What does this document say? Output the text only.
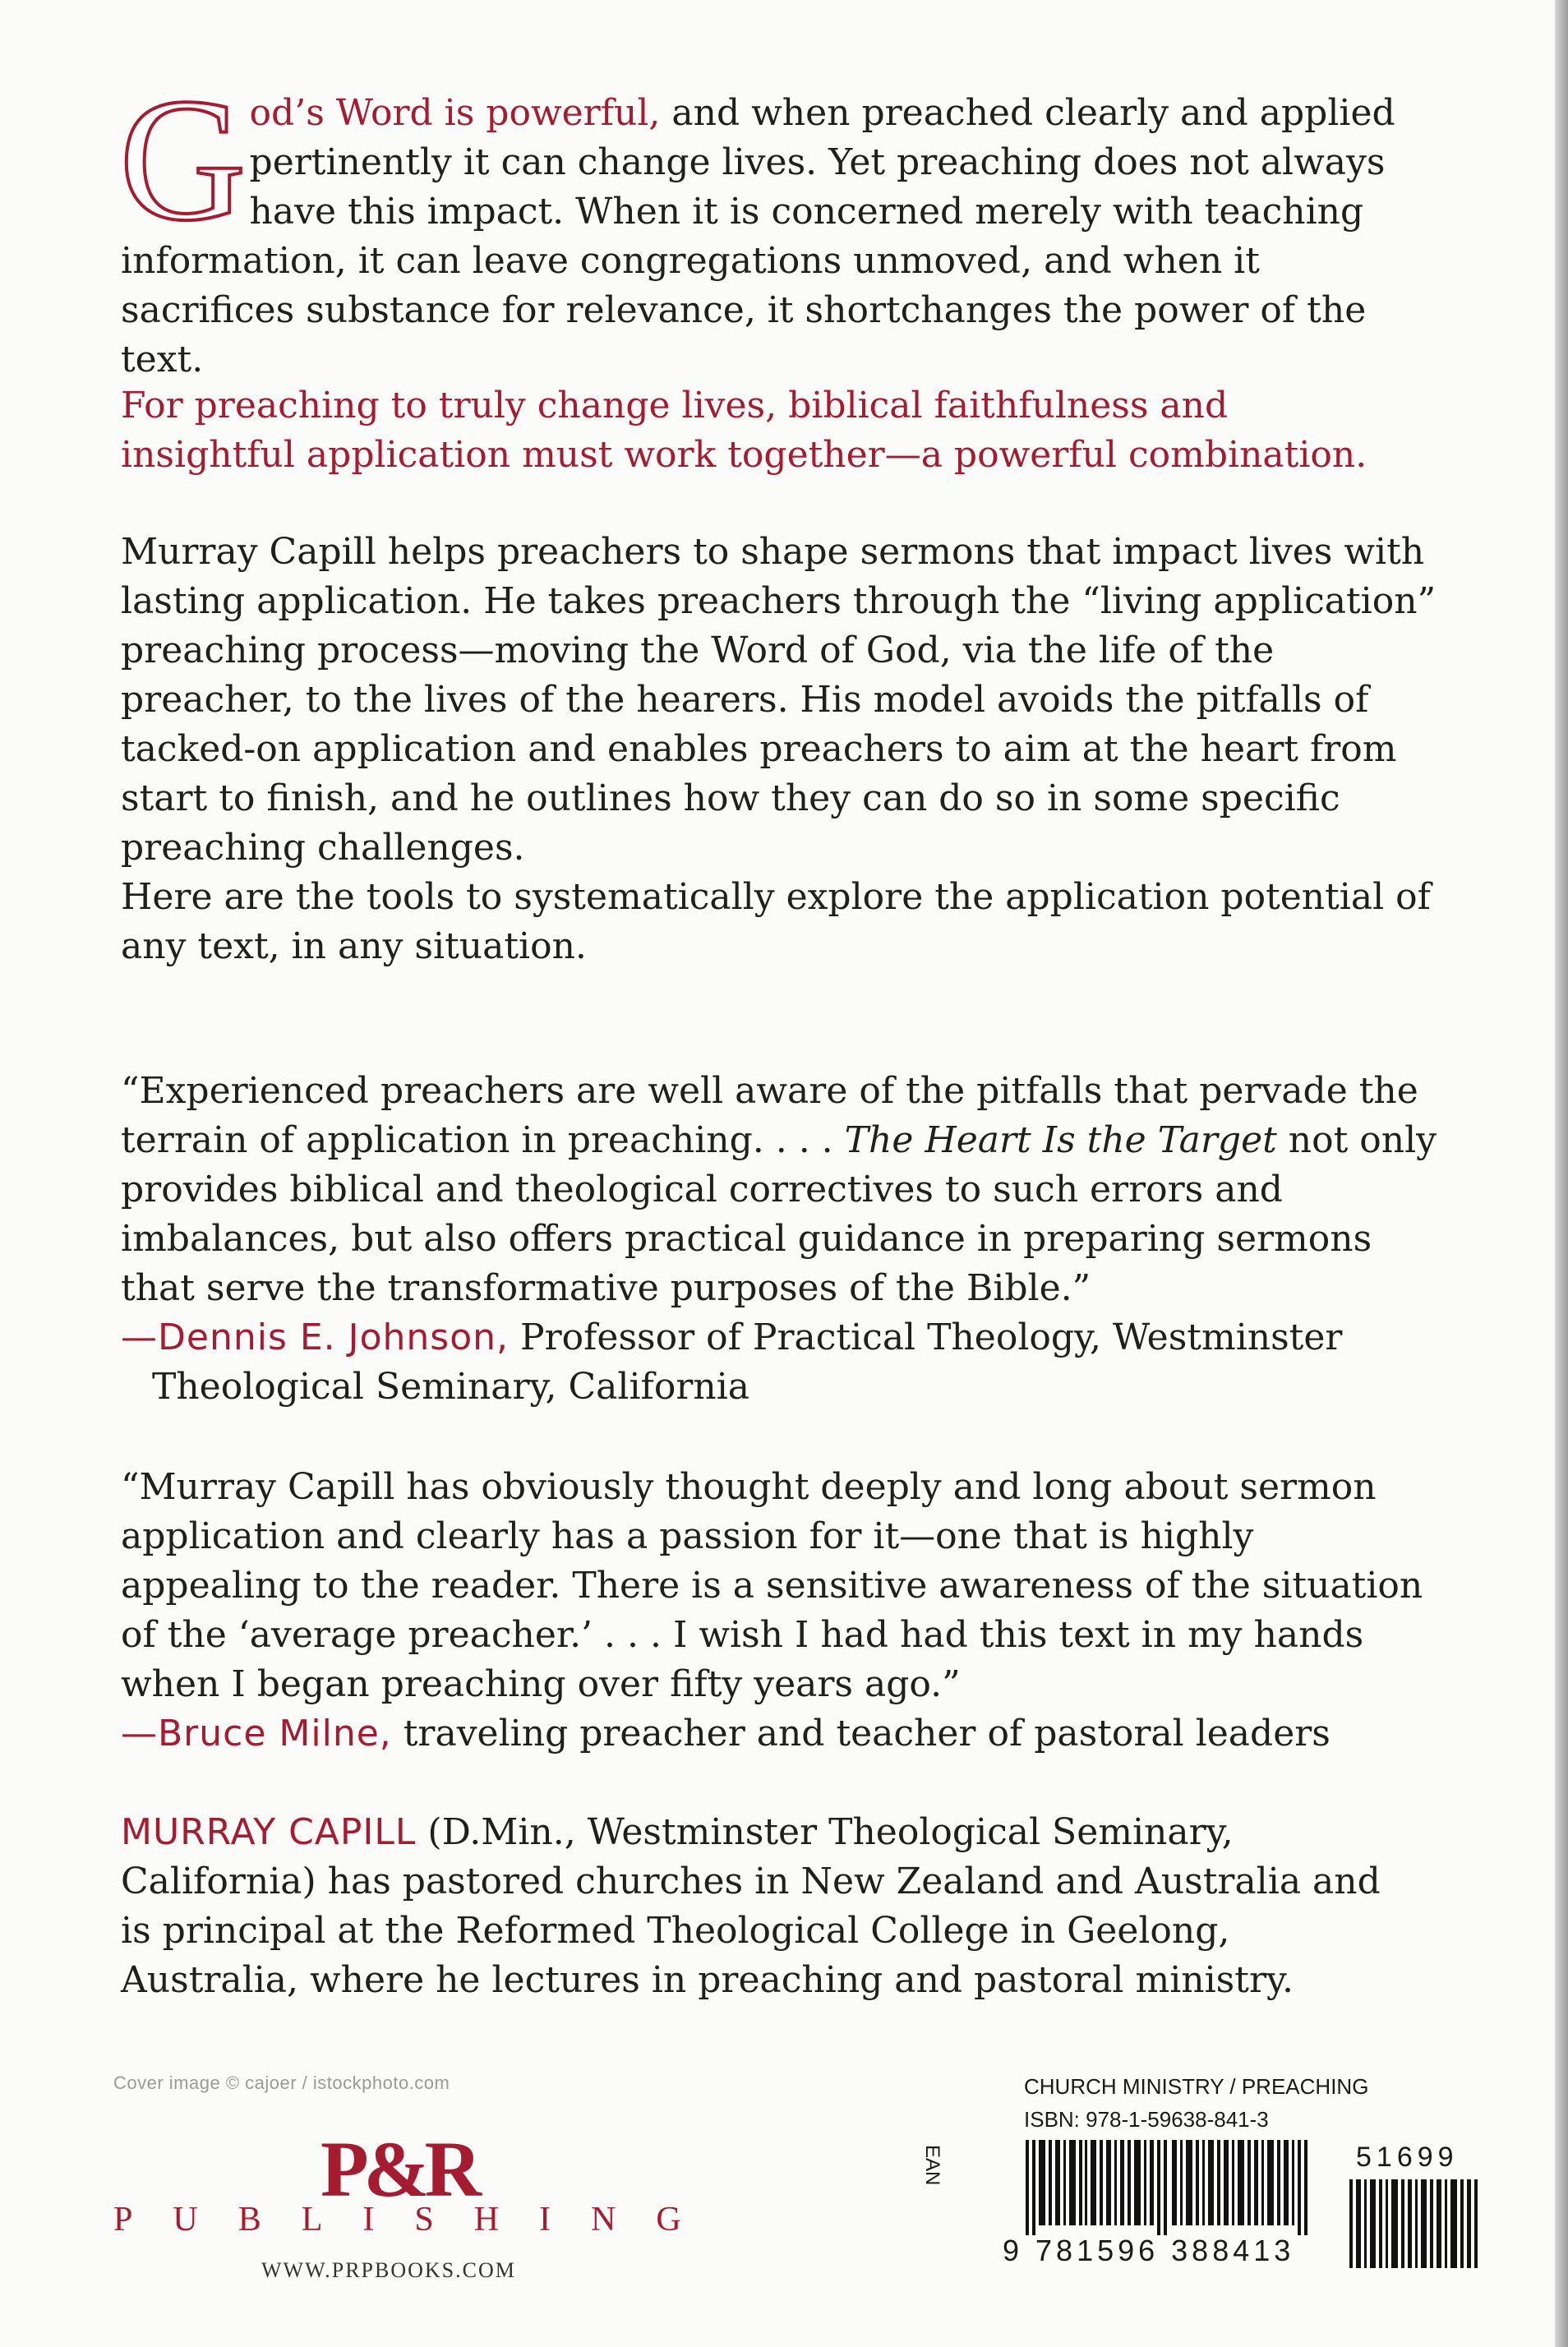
G od’s Word is powerful, and when preached clearly and applied pertinently it can change lives. Yet preaching does not always have this impact. When it is concerned merely with teaching information, it can leave congregations unmoved, and when it sacrifices substance for relevance, it shortchanges the power of the text.
For preaching to truly change lives, biblical faithfulness and insightful application must work together—a powerful combination.
Murray Capill helps preachers to shape sermons that impact lives with lasting application. He takes preachers through the “living application” preaching process—moving the Word of God, via the life of the preacher, to the lives of the hearers. His model avoids the pitfalls of tacked-on application and enables preachers to aim at the heart from start to finish, and he outlines how they can do so in some specific preaching challenges.
Here are the tools to systematically explore the application potential of any text, in any situation.

“Experienced preachers are well aware of the pitfalls that pervade the terrain of application in preaching. . . . The Heart Is the Target not only provides biblical and theological correctives to such errors and imbalances, but also offers practical guidance in preparing sermons that serve the transformative purposes of the Bible.”

—Dennis E. Johnson, Professor of Practical Theology, Westminster Theological Seminary, California

“Murray Capill has obviously thought deeply and long about sermon application and clearly has a passion for it—one that is highly appealing to the reader. There is a sensitive awareness of the situation of the ‘average preacher.’ . . . I wish I had had this text in my hands when I began preaching over fifty years ago.”

—Bruce Milne, traveling preacher and teacher of pastoral leaders

MURRAY CAPILL (D.Min., Westminster Theological Seminary, California) has pastored churches in New Zealand and Australia and is principal at the Reformed Theological College in Geelong, Australia, where he lectures in preaching and pastoral ministry.
Cover image © cajoer / istockphoto.com
P&R
PUBLISHING
WWW.PRPBOOKS.COM
CHURCH MINISTRY / PREACHING
ISBN: 978-1-59638-841-3
EAN
9 781596 388413
51699
